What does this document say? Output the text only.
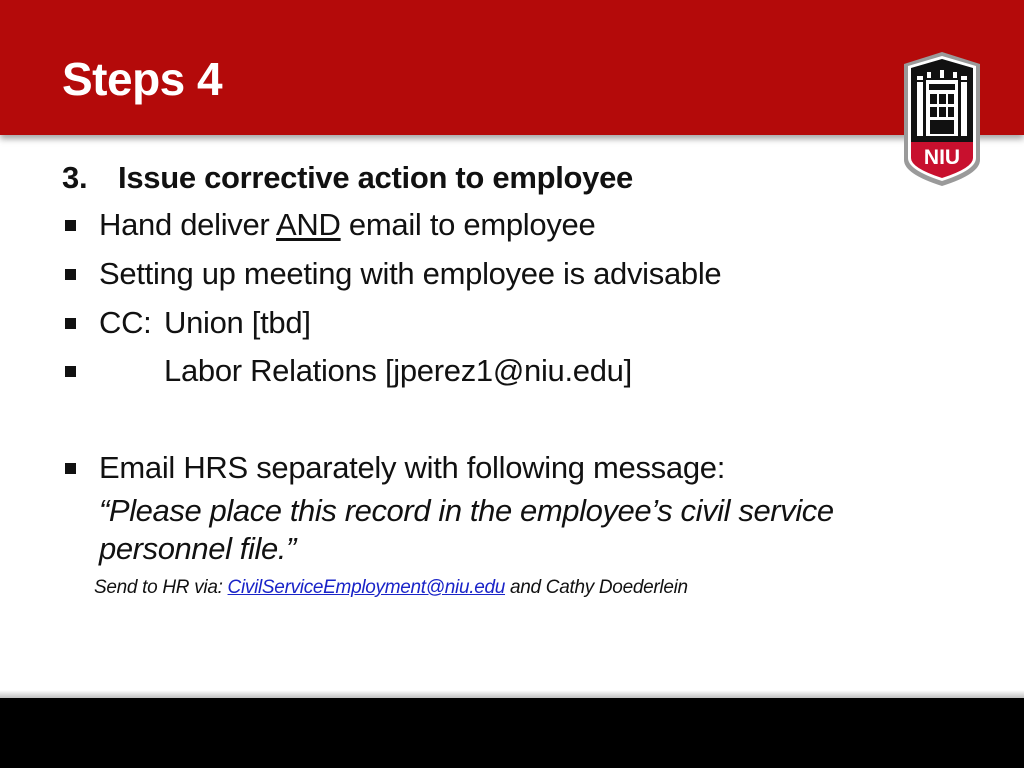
Steps 4
NIU
3. Issue corrective action to employee
Hand deliver AND email to employee
Setting up meeting with employee is advisable
CC: Union [tbd]
Labor Relations [jperez1@niu.edu]
Email HRS separately with following message:
“Please place this record in the employee’s civil service personnel file.”
Send to HR via: CivilServiceEmployment@niu.edu and Cathy Doederlein
